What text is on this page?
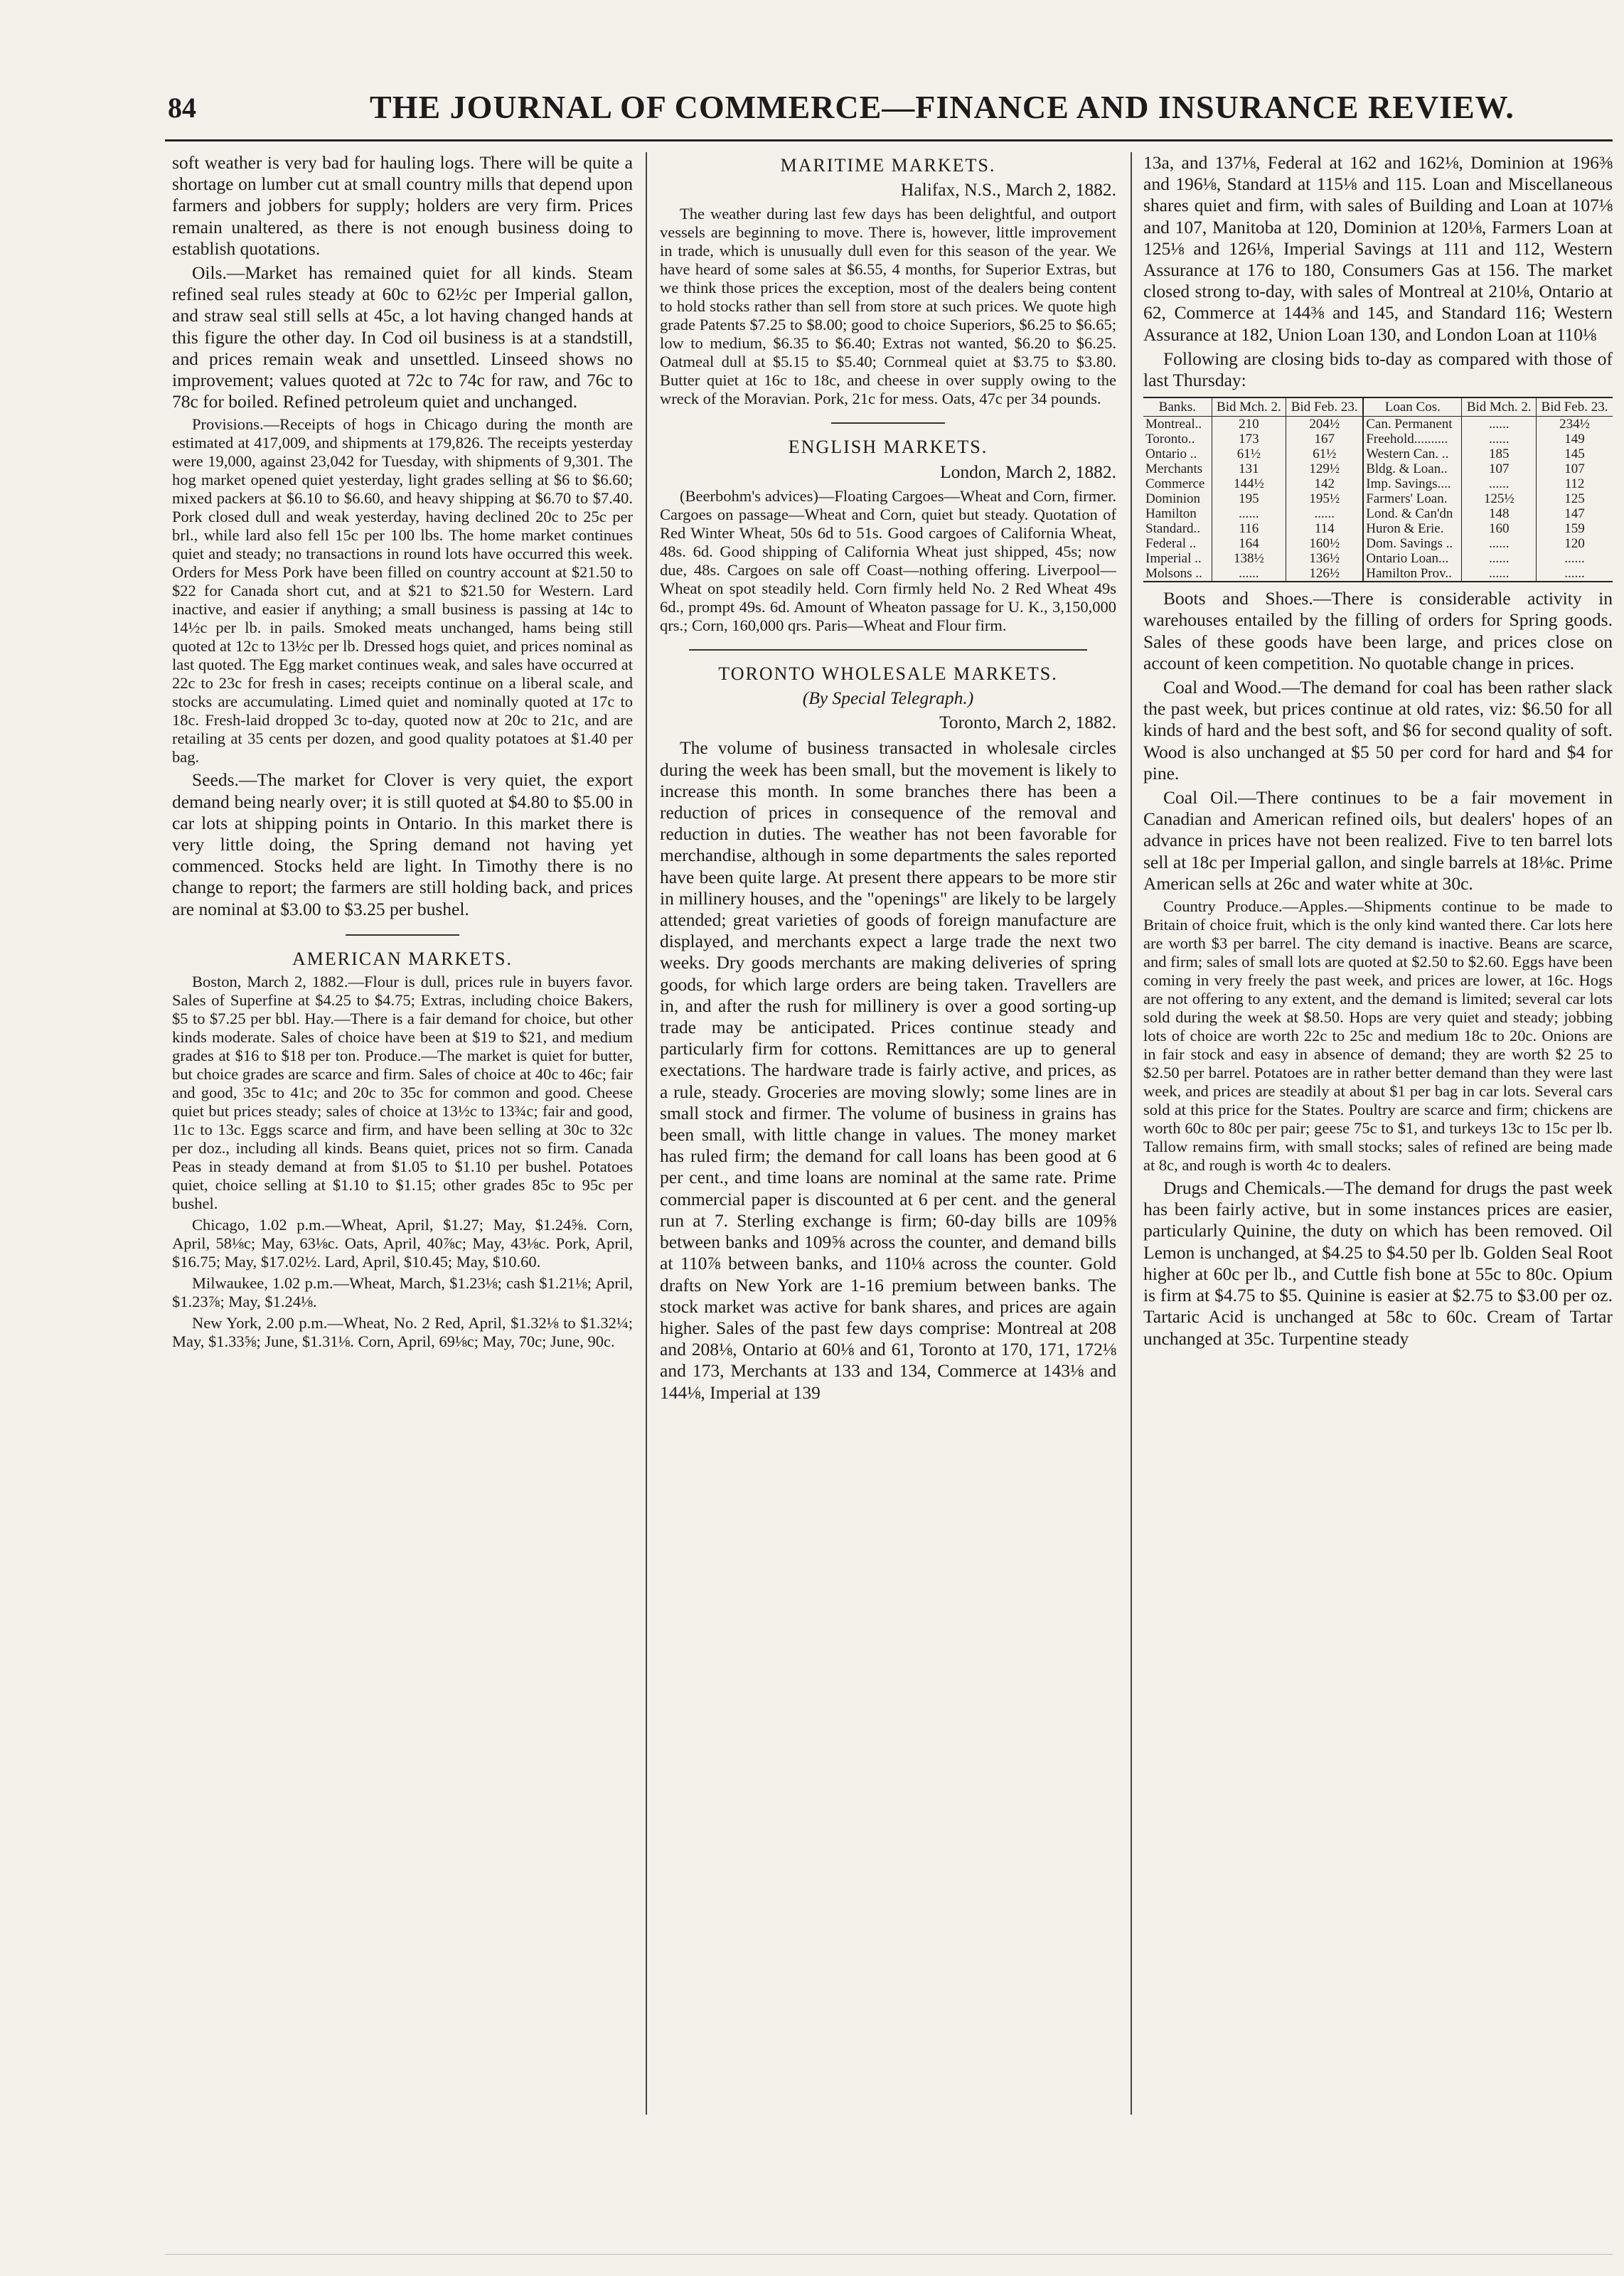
84	THE JOURNAL OF COMMERCE—FINANCE AND INSURANCE REVIEW.

soft weather is very bad for hauling logs. There will be quite a shortage on lumber cut at small country mills that depend upon farmers and jobbers for supply; holders are very firm. Prices remain unaltered, as there is not enough business doing to establish quotations.

Oils.—Market has remained quiet for all kinds. Steam refined seal rules steady at 60c to 62½c per Imperial gallon, and straw seal still sells at 45c, a lot having changed hands at this figure the other day. In Cod oil business is at a standstill, and prices remain weak and unsettled. Linseed shows no improvement; values quoted at 72c to 74c for raw, and 76c to 78c for boiled. Refined petroleum quiet and unchanged.

Provisions.—Receipts of hogs in Chicago during the month are estimated at 417,009, and shipments at 179,826. The receipts yesterday were 19,000, against 23,042 for Tuesday, with shipments of 9,301. The hog market opened quiet yesterday, light grades selling at $6 to $6.60; mixed packers at $6.10 to $6.60, and heavy shipping at $6.70 to $7.40. Pork closed dull and weak yesterday, having declined 20c to 25c per brl., while lard also fell 15c per 100 lbs. The home market continues quiet and steady; no transactions in round lots have occurred this week. Orders for Mess Pork have been filled on country account at $21.50 to $22 for Canada short cut, and at $21 to $21.50 for Western. Lard inactive, and easier if anything; a small business is passing at 14c to 14½c per lb. in pails. Smoked meats unchanged, hams being still quoted at 12c to 13½c per lb. Dressed hogs quiet, and prices nominal as last quoted. The Egg market continues weak, and sales have occurred at 22c to 23c for fresh in cases; receipts continue on a liberal scale, and stocks are accumulating. Limed quiet and nominally quoted at 17c to 18c. Fresh-laid dropped 3c to-day, quoted now at 20c to 21c, and are retailing at 35 cents per dozen, and good quality potatoes at $1.40 per bag.

Seeds.—The market for Clover is very quiet, the export demand being nearly over; it is still quoted at $4.80 to $5.00 in car lots at shipping points in Ontario. In this market there is very little doing, the Spring demand not having yet commenced. Stocks held are light. In Timothy there is no change to report; the farmers are still holding back, and prices are nominal at $3.00 to $3.25 per bushel.

AMERICAN MARKETS.

Boston, March 2, 1882.—Flour is dull, prices rule in buyers favor. Sales of Superfine at $4.25 to $4.75; Extras, including choice Bakers, $5 to $7.25 per bbl. Hay.—There is a fair demand for choice, but other kinds moderate. Sales of choice have been at $19 to $21, and medium grades at $16 to $18 per ton. Produce.—The market is quiet for butter, but choice grades are scarce and firm. Sales of choice at 40c to 46c; fair and good, 35c to 41c; and 20c to 35c for common and good. Cheese quiet but prices steady; sales of choice at 13½c to 13¾c; fair and good, 11c to 13c. Eggs scarce and firm, and have been selling at 30c to 32c per doz., including all kinds. Beans quiet, prices not so firm. Canada Peas in steady demand at from $1.05 to $1.10 per bushel. Potatoes quiet, choice selling at $1.10 to $1.15; other grades 85c to 95c per bushel.

Chicago, 1.02 p.m.—Wheat, April, $1.27; May, $1.24⅝. Corn, April, 58⅛c; May, 63⅛c. Oats, April, 40⅞c; May, 43⅛c. Pork, April, $16.75; May, $17.02½. Lard, April, $10.45; May, $10.60.

Milwaukee, 1.02 p.m.—Wheat, March, $1.23⅛; cash $1.21⅛; April, $1.23⅞; May, $1.24⅛.

New York, 2.00 p.m.—Wheat, No. 2 Red, April, $1.32⅛ to $1.32¼; May, $1.33⅝; June, $1.31⅛. Corn, April, 69⅛c; May, 70c; June, 90c.

MARITIME MARKETS.

Halifax, N.S., March 2, 1882.

The weather during last few days has been delightful, and outport vessels are beginning to move. There is, however, little improvement in trade, which is unusually dull even for this season of the year. We have heard of some sales at $6.55, 4 months, for Superior Extras, but we think those prices the exception, most of the dealers being content to hold stocks rather than sell from store at such prices. We quote high grade Patents $7.25 to $8.00; good to choice Superiors, $6.25 to $6.65; low to medium, $6.35 to $6.40; Extras not wanted, $6.20 to $6.25. Oatmeal dull at $5.15 to $5.40; Cornmeal quiet at $3.75 to $3.80. Butter quiet at 16c to 18c, and cheese in over supply owing to the wreck of the Moravian. Pork, 21c for mess. Oats, 47c per 34 pounds.

ENGLISH MARKETS.

London, March 2, 1882.

(Beerbohm's advices)—Floating Cargoes—Wheat and Corn, firmer. Cargoes on passage—Wheat and Corn, quiet but steady. Quotation of Red Winter Wheat, 50s 6d to 51s. Good cargoes of California Wheat, 48s. 6d. Good shipping of California Wheat just shipped, 45s; now due, 48s. Cargoes on sale off Coast—nothing offering. Liverpool—Wheat on spot steadily held. Corn firmly held No. 2 Red Wheat 49s 6d., prompt 49s. 6d. Amount of Wheaton passage for U. K., 3,150,000 qrs.; Corn, 160,000 qrs. Paris—Wheat and Flour firm.

TORONTO WHOLESALE MARKETS.

(By Special Telegraph.)

Toronto, March 2, 1882.

The volume of business transacted in wholesale circles during the week has been small, but the movement is likely to increase this month. In some branches there has been a reduction of prices in consequence of the removal and reduction in duties. The weather has not been favorable for merchandise, although in some departments the sales reported have been quite large. At present there appears to be more stir in millinery houses, and the "openings" are likely to be largely attended; great varieties of goods of foreign manufacture are displayed, and merchants expect a large trade the next two weeks. Dry goods merchants are making deliveries of spring goods, for which large orders are being taken. Travellers are in, and after the rush for millinery is over a good sorting-up trade may be anticipated. Prices continue steady and particularly firm for cottons. Remittances are up to general exectations. The hardware trade is fairly active, and prices, as a rule, steady. Groceries are moving slowly; some lines are in small stock and firmer. The volume of business in grains has been small, with little change in values. The money market has ruled firm; the demand for call loans has been good at 6 per cent., and time loans are nominal at the same rate. Prime commercial paper is discounted at 6 per cent. and the general run at 7. Sterling exchange is firm; 60-day bills are 109⅝ between banks and 109⅝ across the counter, and demand bills at 110⅞ between banks, and 110⅛ across the counter. Gold drafts on New York are 1-16 premium between banks. The stock market was active for bank shares, and prices are again higher. Sales of the past few days comprise: Montreal at 208 and 208⅛, Ontario at 60⅛ and 61, Toronto at 170, 171, 172⅛ and 173, Merchants at 133 and 134, Commerce at 143⅛ and 144⅛, Imperial at 139

13a, and 137⅛, Federal at 162 and 162⅛, Dominion at 196⅜ and 196⅛, Standard at 115⅛ and 115. Loan and Miscellaneous shares quiet and firm, with sales of Building and Loan at 107⅛ and 107, Manitoba at 120, Dominion at 120⅛, Farmers Loan at 125⅛ and 126⅛, Imperial Savings at 111 and 112, Western Assurance at 176 to 180, Consumers Gas at 156. The market closed strong to-day, with sales of Montreal at 210⅛, Ontario at 62, Commerce at 144⅜ and 145, and Standard 116; Western Assurance at 182, Union Loan 130, and London Loan at 110⅛

Following are closing bids to-day as compared with those of last Thursday:

Banks.	Bid Mch. 2.	Bid Feb. 23.	Loan Cos.	Bid Mch. 2.	Bid Feb. 23.
Montreal..	210	204½	Can. Permanent	......	234½
Toronto..	173	167	Freehold..........	......	149
Ontario ..	61½	61½	Western Can. ..	185	145
Merchants	131	129½	Bldg. & Loan..	107	107
Commerce	144½	142	Imp. Savings....	......	112
Dominion	195	195½	Farmers' Loan.	125½	125
Hamilton	......	......	Lond. & Can'dn	148	147
Standard..	116	114	Huron & Erie.	160	159
Federal ..	164	160½	Dom. Savings ..	......	120
Imperial ..	138½	136½	Ontario Loan...	......	......
Molsons ..	......	126½	Hamilton Prov..	......	......

Boots and Shoes.—There is considerable activity in warehouses entailed by the filling of orders for Spring goods. Sales of these goods have been large, and prices close on account of keen competition. No quotable change in prices.

Coal and Wood.—The demand for coal has been rather slack the past week, but prices continue at old rates, viz: $6.50 for all kinds of hard and the best soft, and $6 for second quality of soft. Wood is also unchanged at $5 50 per cord for hard and $4 for pine.

Coal Oil.—There continues to be a fair movement in Canadian and American refined oils, but dealers' hopes of an advance in prices have not been realized. Five to ten barrel lots sell at 18c per Imperial gallon, and single barrels at 18⅛c. Prime American sells at 26c and water white at 30c.

Country Produce.—Apples.—Shipments continue to be made to Britain of choice fruit, which is the only kind wanted there. Car lots here are worth $3 per barrel. The city demand is inactive. Beans are scarce, and firm; sales of small lots are quoted at $2.50 to $2.60. Eggs have been coming in very freely the past week, and prices are lower, at 16c. Hogs are not offering to any extent, and the demand is limited; several car lots sold during the week at $8.50. Hops are very quiet and steady; jobbing lots of choice are worth 22c to 25c and medium 18c to 20c. Onions are in fair stock and easy in absence of demand; they are worth $2 25 to $2.50 per barrel. Potatoes are in rather better demand than they were last week, and prices are steadily at about $1 per bag in car lots. Several cars sold at this price for the States. Poultry are scarce and firm; chickens are worth 60c to 80c per pair; geese 75c to $1, and turkeys 13c to 15c per lb. Tallow remains firm, with small stocks; sales of refined are being made at 8c, and rough is worth 4c to dealers.

Drugs and Chemicals.—The demand for drugs the past week has been fairly active, but in some instances prices are easier, particularly Quinine, the duty on which has been removed. Oil Lemon is unchanged, at $4.25 to $4.50 per lb. Golden Seal Root higher at 60c per lb., and Cuttle fish bone at 55c to 80c. Opium is firm at $4.75 to $5. Quinine is easier at $2.75 to $3.00 per oz. Tartaric Acid is unchanged at 58c to 60c. Cream of Tartar unchanged at 35c. Turpentine steady
